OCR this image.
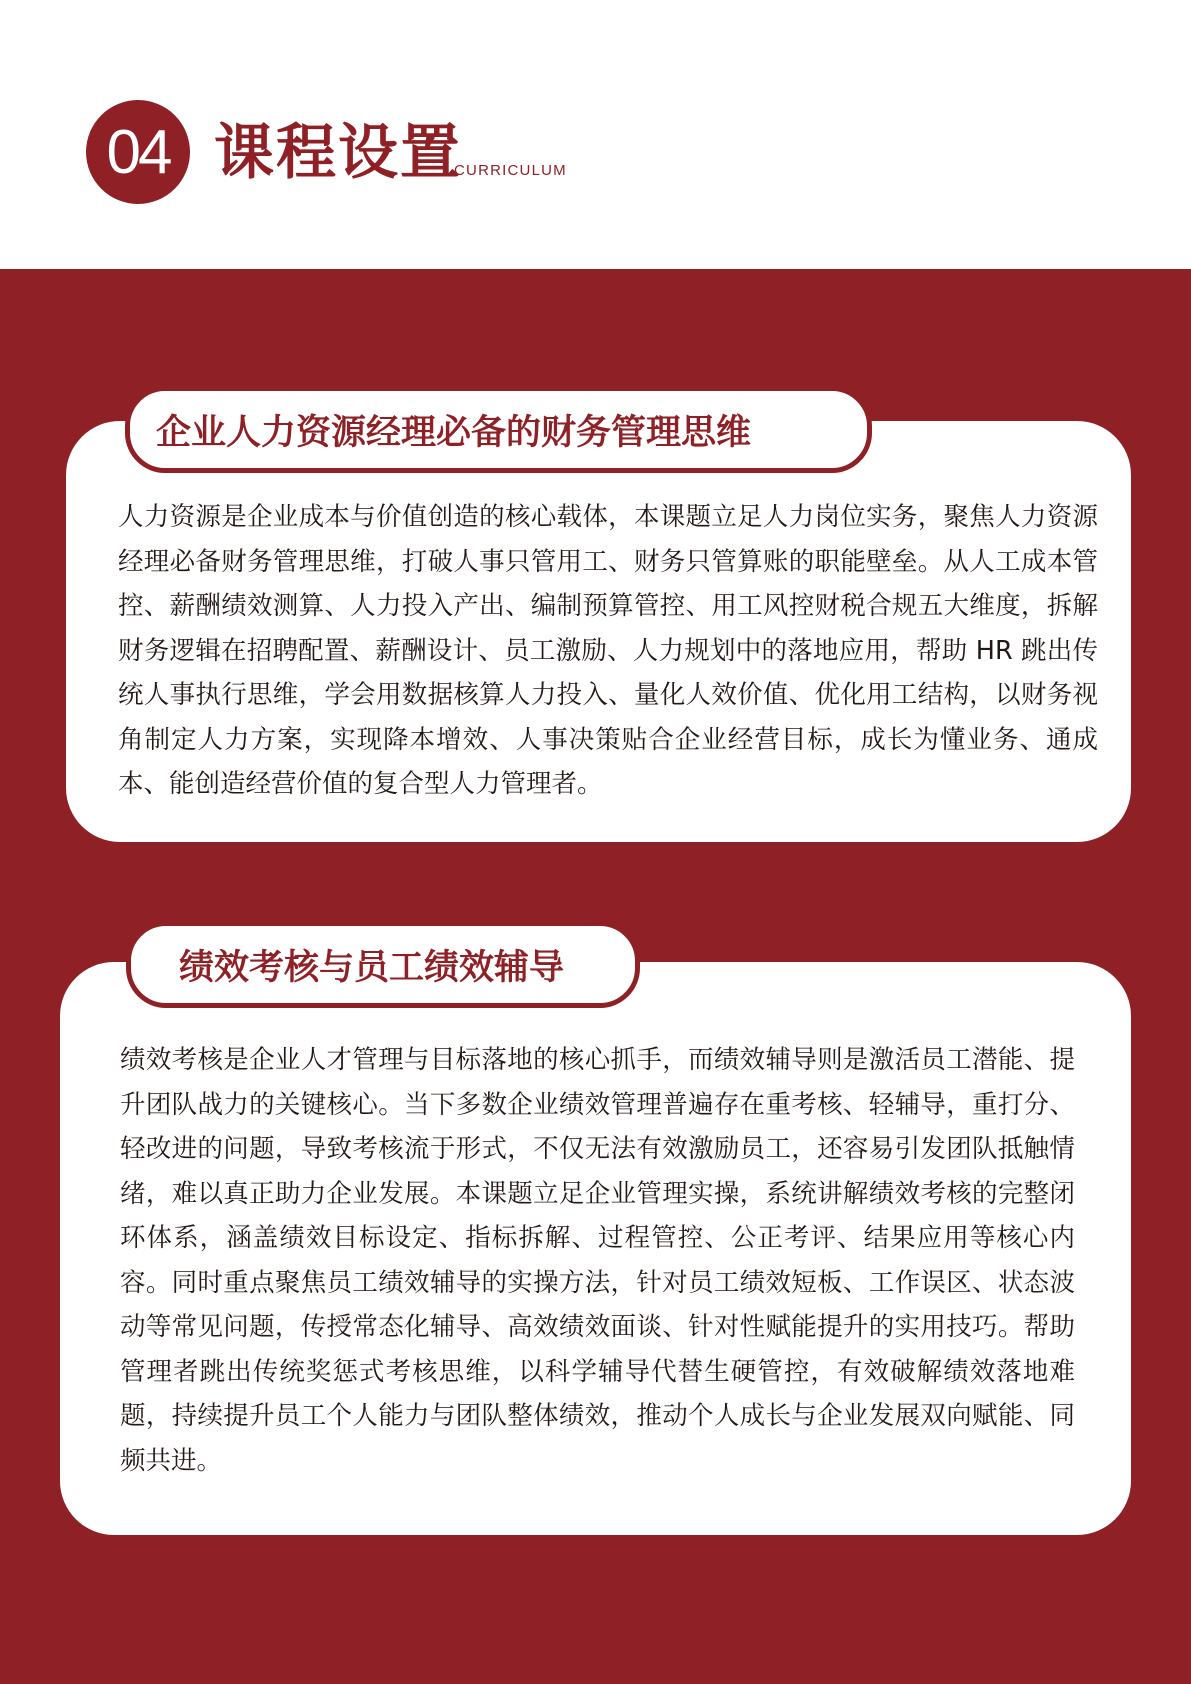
04 课程设置
CURRICULUM
企业人力资源经理必备的财务管理思维
人力资源是企业成本与价值创造的核心载体，本课题立足人力岗位实务，聚焦人力资源经理必备财务管理思维，打破人事只管用工、财务只管算账的职能壁垒。从人工成本管控、薪酬绩效测算、人力投入产出、编制预算管控、用工风控财税合规五大维度，拆解财务逻辑在招聘配置、薪酬设计、员工激励、人力规划中的落地应用，帮助 HR 跳出传统人事执行思维，学会用数据核算人力投入、量化人效价值、优化用工结构，以财务视角制定人力方案，实现降本增效、人事决策贴合企业经营目标，成长为懂业务、通成本、能创造经营价值的复合型人力管理者。
绩效考核与员工绩效辅导
绩效考核是企业人才管理与目标落地的核心抓手，而绩效辅导则是激活员工潜能、提升团队战力的关键核心。当下多数企业绩效管理普遍存在重考核、轻辅导，重打分、轻改进的问题，导致考核流于形式，不仅无法有效激励员工，还容易引发团队抵触情绪，难以真正助力企业发展。本课题立足企业管理实操，系统讲解绩效考核的完整闭环体系，涵盖绩效目标设定、指标拆解、过程管控、公正考评、结果应用等核心内容。同时重点聚焦员工绩效辅导的实操方法，针对员工绩效短板、工作误区、状态波动等常见问题，传授常态化辅导、高效绩效面谈、针对性赋能提升的实用技巧。帮助管理者跳出传统奖惩式考核思维，以科学辅导代替生硬管控，有效破解绩效落地难题，持续提升员工个人能力与团队整体绩效，推动个人成长与企业发展双向赋能、同频共进。
